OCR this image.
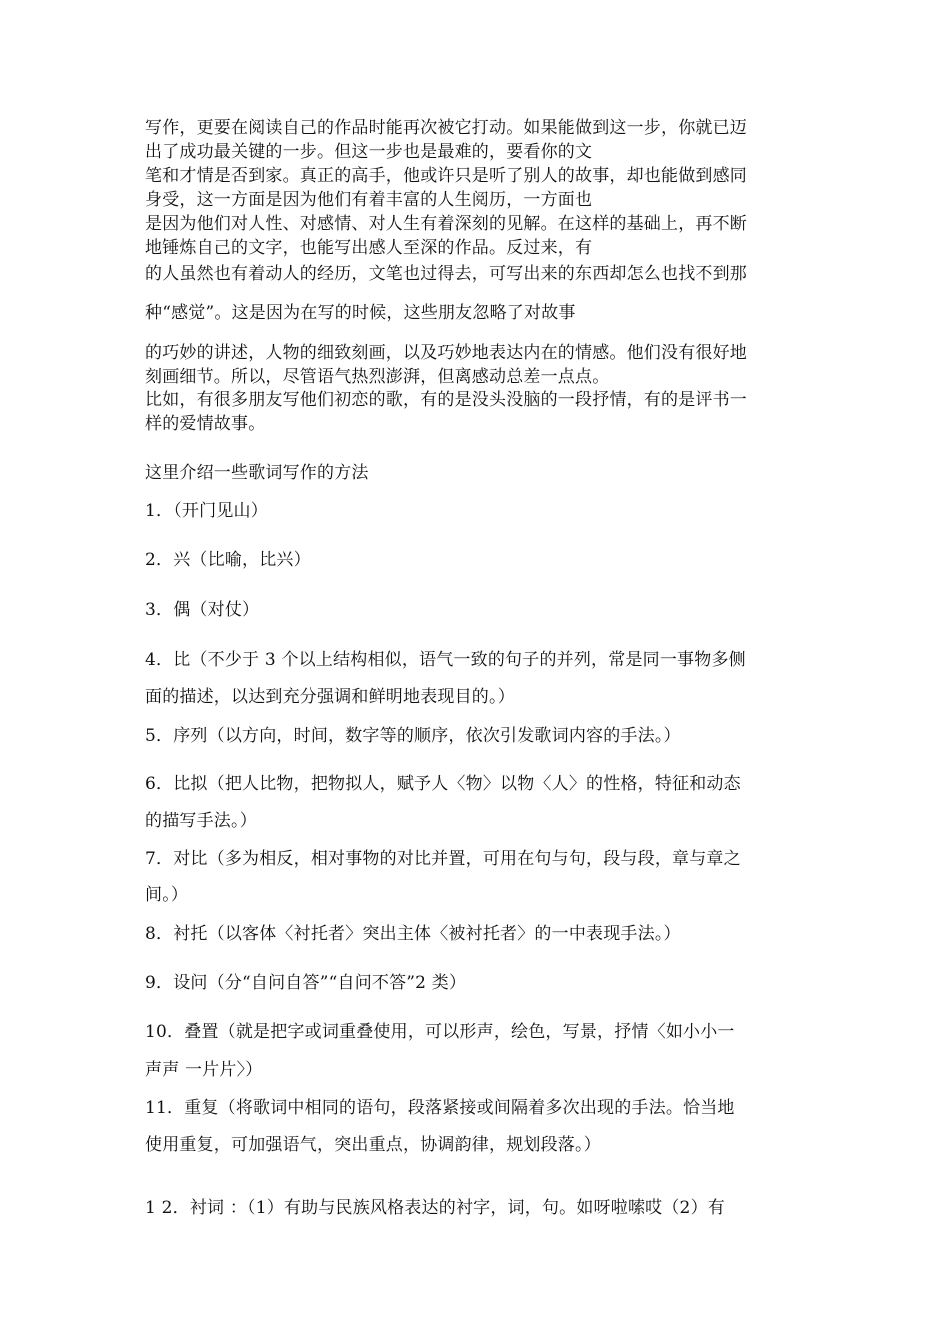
写作，更要在阅读自己的作品时能再次被它打动。如果能做到这一步，你就已迈
出了成功最关键的一步。但这一步也是最难的，要看你的文
笔和才情是否到家。真正的高手，他或许只是听了别人的故事，却也能做到感同
身受，这一方面是因为他们有着丰富的人生阅历，一方面也
是因为他们对人性、对感情、对人生有着深刻的见解。在这样的基础上，再不断
地锤炼自己的文字，也能写出感人至深的作品。反过来，有
的人虽然也有着动人的经历，文笔也过得去，可写出来的东西却怎么也找不到那
种“感觉”。这是因为在写的时候，这些朋友忽略了对故事
的巧妙的讲述，人物的细致刻画，以及巧妙地表达内在的情感。他们没有很好地
刻画细节。所以，尽管语气热烈澎湃，但离感动总差一点点。
比如，有很多朋友写他们初恋的歌，有的是没头没脑的一段抒情，有的是评书一
样的爱情故事。
这里介绍一些歌词写作的方法
1．（开门见山）
2．兴（比喻，比兴）
3．偶（对仗）
4．比（不少于 3 个以上结构相似，语气一致的句子的并列，常是同一事物多侧
面的描述，以达到充分强调和鲜明地表现目的。）
5．序列（以方向，时间，数字等的顺序，依次引发歌词内容的手法。）
6．比拟（把人比物，把物拟人，赋予人〈物〉以物〈人〉的性格，特征和动态
的描写手法。）
7．对比（多为相反，相对事物的对比并置，可用在句与句，段与段，章与章之
间。）
8．衬托（以客体〈衬托者〉突出主体〈被衬托者〉的一中表现手法。）
9．设问（分“自问自答”“自问不答”2 类）
10．叠置（就是把字或词重叠使用，可以形声，绘色，写景，抒情〈如小小一
声声 一片片〉）
11．重复（将歌词中相同的语句，段落紧接或间隔着多次出现的手法。恰当地
使用重复，可加强语气，突出重点，协调韵律，规划段落。）
1 2．衬词 ：（1）有助与民族风格表达的衬字，词，句。如呀啦嗦哎（2）有
